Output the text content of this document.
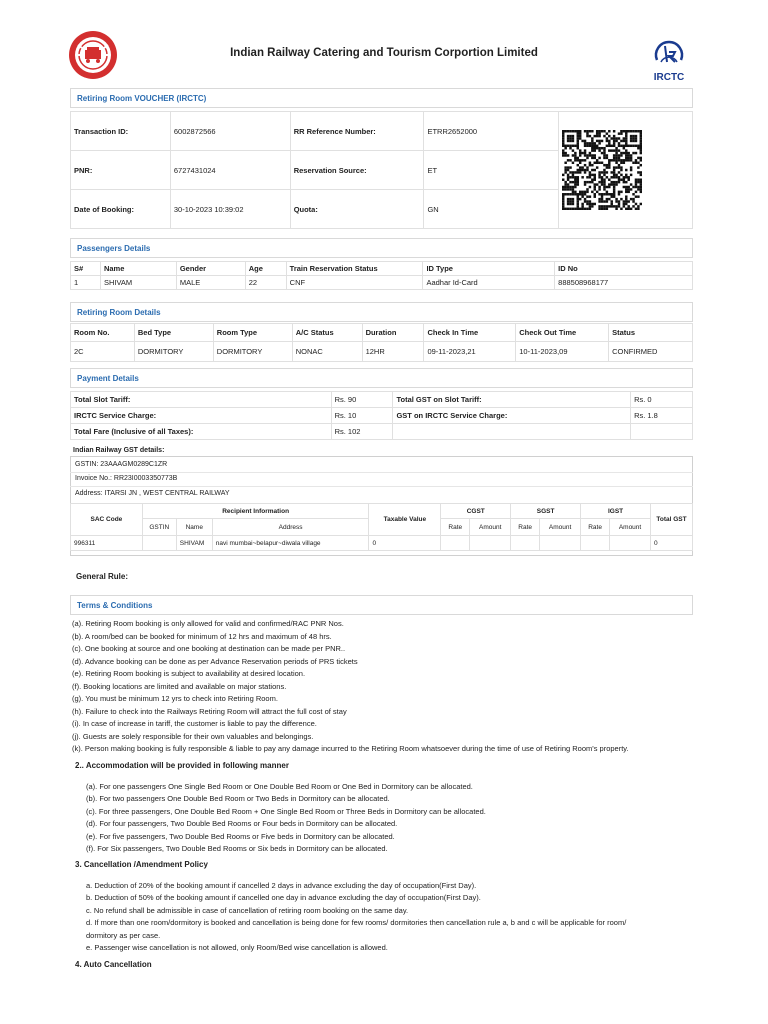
Indian Railway Catering and Tourism Corportion Limited
IRCTC
Retiring Room VOUCHER (IRCTC)
Transaction ID:	6002872566	RR Reference Number:	ETRR2652000	
PNR:	6727431024	Reservation Source:	ET	
Date of Booking:	30-10-2023 10:39:02	Quota:	GN	
Passengers Details
S#	Name	Gender	Age	Train Reservation Status	ID Type	ID No
1	SHIVAM	MALE	22	CNF	Aadhar Id-Card	888508968177
Retiring Room Details
Room No.	Bed Type	Room Type	A/C Status	Duration	Check In Time	Check Out Time	Status
2C	DORMITORY	DORMITORY	NONAC	12HR	09-11-2023,21	10-11-2023,09	CONFIRMED
Payment Details
Total Slot Tariff:	Rs. 90	Total GST on Slot Tariff:	Rs. 0
IRCTC Service Charge:	Rs. 10	GST on IRCTC Service Charge:	Rs. 1.8
Total Fare (Inclusive of all Taxes):	Rs. 102		
Indian Railway GST details:
GSTIN: 23AAAGM0289C1ZR
Invoice No.: RR23I0003350773B
Address: ITARSI JN , WEST CENTRAL RAILWAY
SAC Code	Recipient Information			Taxable Value	CGST		SGST		IGST		Total GST
	GSTIN	Name	Address		Rate	Amount	Rate	Amount	Rate	Amount	
996311		SHIVAM	navi mumbai~belapur~diwala village	0							0
General Rule:
Terms & Conditions
(a). Retiring Room booking is only allowed for valid and confirmed/RAC PNR Nos.
(b). A room/bed can be booked for minimum of 12 hrs and maximum of 48 hrs.
(c). One booking at source and one booking at destination can be made per PNR..
(d). Advance booking can be done as per Advance Reservation periods of PRS tickets
(e). Retiring Room booking is subject to availability at desired location.
(f). Booking locations are limited and available on major stations.
(g). You must be minimum 12 yrs to check into Retiring Room.
(h). Failure to check into the Railways Retiring Room will attract the full cost of stay
(i). In case of increase in tariff, the customer is liable to pay the difference.
(j). Guests are solely responsible for their own valuables and belongings.
(k). Person making booking is fully responsible & liable to pay any damage incurred to the Retiring Room whatsoever during the time of use of Retiring Room's property.
2.. Accommodation will be provided in following manner
(a). For one passengers One Single Bed Room or One Double Bed Room or One Bed in Dormitory can be allocated.
(b). For two passengers One Double Bed Room or Two Beds in Dormitory can be allocated.
(c). For three passengers, One Double Bed Room + One Single Bed Room or Three Beds in Dormitory can be allocated.
(d). For four passengers, Two Double Bed Rooms or Four beds in Dormitory can be allocated.
(e). For five passengers, Two Double Bed Rooms or Five beds in Dormitory can be allocated.
(f). For Six passengers, Two Double Bed Rooms or Six beds in Dormitory can be allocated.
3. Cancellation /Amendment Policy
a. Deduction of 20% of the booking amount if cancelled 2 days in advance excluding the day of occupation(First Day).
b. Deduction of 50% of the booking amount if cancelled one day in advance excluding the day of occupation(First Day).
c. No refund shall be admissible in case of cancellation of retiring room booking on the same day.
d. If more than one room/dormitory is booked and cancellation is being done for few rooms/ dormitories then cancellation rule a, b and c will be applicable for room/
dormitory as per case.
e. Passenger wise cancellation is not allowed, only Room/Bed wise cancellation is allowed.
4. Auto Cancellation
